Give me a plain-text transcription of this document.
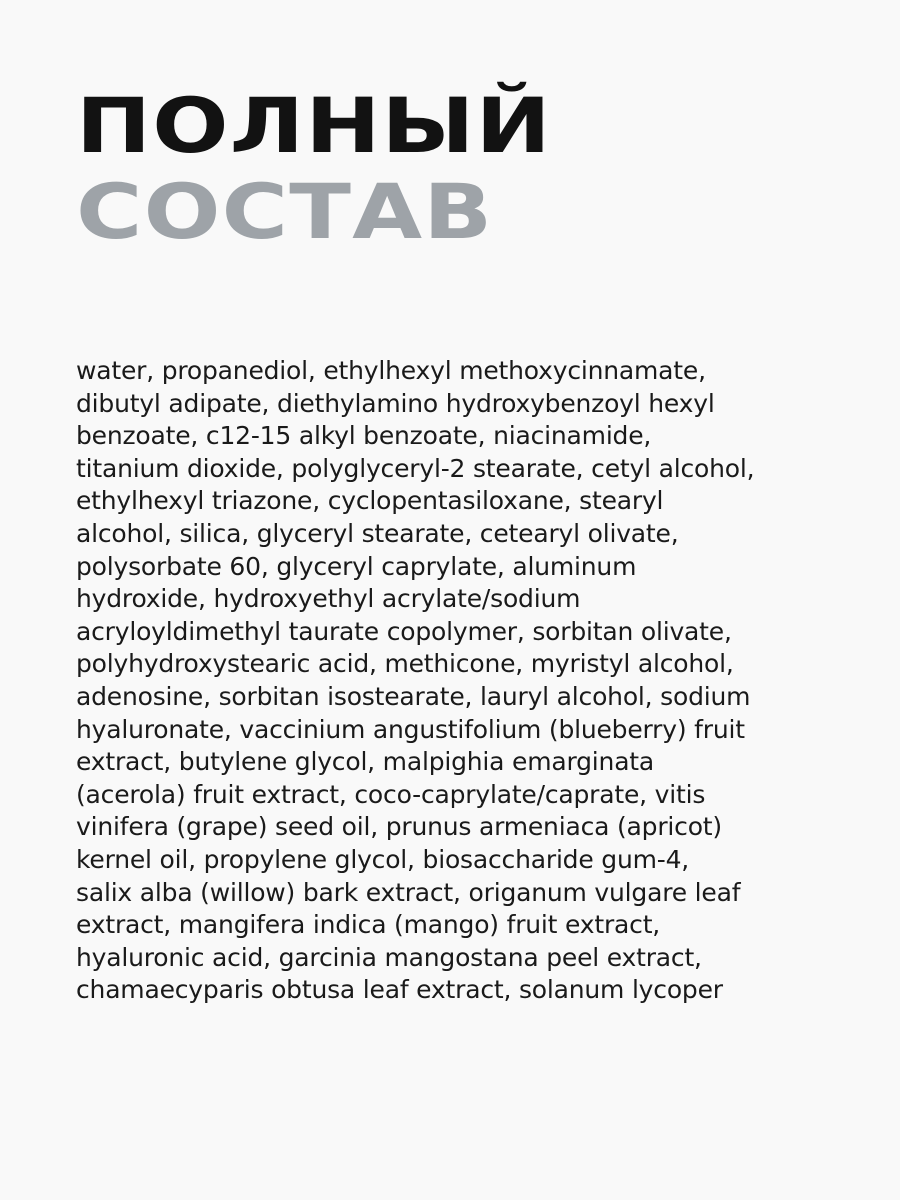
ПОЛНЫЙ
СОСТАВ

water, propanediol, ethylhexyl methoxycinnamate,
dibutyl adipate, diethylamino hydroxybenzoyl hexyl
benzoate, c12-15 alkyl benzoate, niacinamide,
titanium dioxide, polyglyceryl-2 stearate, cetyl alcohol,
ethylhexyl triazone, cyclopentasiloxane, stearyl
alcohol, silica, glyceryl stearate, cetearyl olivate,
polysorbate 60, glyceryl caprylate, aluminum
hydroxide, hydroxyethyl acrylate/sodium
acryloyldimethyl taurate copolymer, sorbitan olivate,
polyhydroxystearic acid, methicone, myristyl alcohol,
adenosine, sorbitan isostearate, lauryl alcohol, sodium
hyaluronate, vaccinium angustifolium (blueberry) fruit
extract, butylene glycol, malpighia emarginata
(acerola) fruit extract, coco-caprylate/caprate, vitis
vinifera (grape) seed oil, prunus armeniaca (apricot)
kernel oil, propylene glycol, biosaccharide gum-4,
salix alba (willow) bark extract, origanum vulgare leaf
extract, mangifera indica (mango) fruit extract,
hyaluronic acid, garcinia mangostana peel extract,
chamaecyparis obtusa leaf extract, solanum lycoper
